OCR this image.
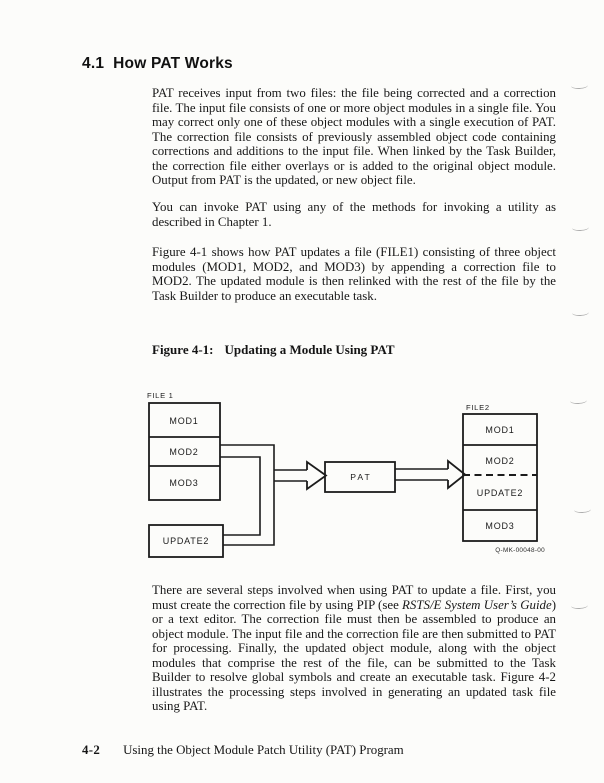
4.1 How PAT Works

PAT receives input from two files: the file being corrected and a correction file. The input file consists of one or more object modules in a single file. You may correct only one of these object modules with a single execution of PAT. The correction file consists of previously assembled object code containing corrections and additions to the input file. When linked by the Task Builder, the correction file either overlays or is added to the original object module. Output from PAT is the updated, or new object file.

You can invoke PAT using any of the methods for invoking a utility as described in Chapter 1.

Figure 4-1 shows how PAT updates a file (FILE1) consisting of three object modules (MOD1, MOD2, and MOD3) by appending a correction file to MOD2. The updated module is then relinked with the rest of the file by the Task Builder to produce an executable task.

Figure 4-1: Updating a Module Using PAT
FILE 1
MOD1
MOD2
MOD3
UPDATE2
PAT
FILE2
MOD1
MOD2
UPDATE2
MOD3
Q-MK-00048-00

There are several steps involved when using PAT to update a file. First, you must create the correction file by using PIP (see RSTS/E System User’s Guide) or a text editor. The correction file must then be assembled to produce an object module. The input file and the correction file are then submitted to PAT for processing. Finally, the updated object module, along with the object modules that comprise the rest of the file, can be submitted to the Task Builder to resolve global symbols and create an executable task. Figure 4-2 illustrates the processing steps involved in generating an updated task file using PAT.

4-2 Using the Object Module Patch Utility (PAT) Program
